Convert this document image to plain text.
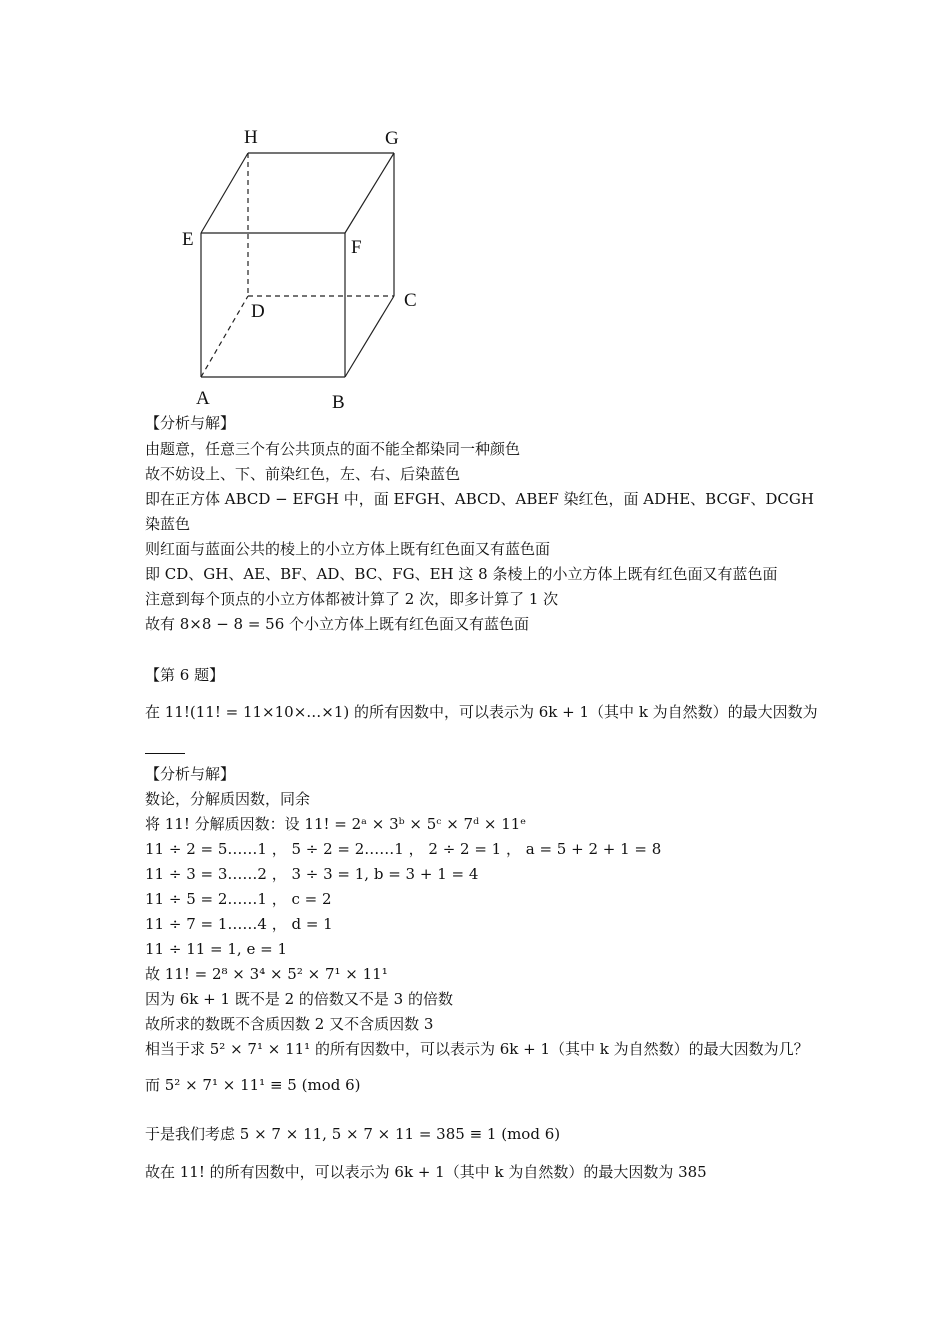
H	G
E	F
C
D
A	B
【分析与解】
由题意，任意三个有公共顶点的面不能全都染同一种颜色
故不妨设上、下、前染红色，左、右、后染蓝色
即在正方体 ABCD − EFGH 中，面 EFGH、ABCD、ABEF 染红色，面 ADHE、BCGF、DCGH
染蓝色
则红面与蓝面公共的棱上的小立方体上既有红色面又有蓝色面
即 CD、GH、AE、BF、AD、BC、FG、EH 这 8 条棱上的小立方体上既有红色面又有蓝色面
注意到每个顶点的小立方体都被计算了 2 次，即多计算了 1 次
故有 8×8 − 8 = 56 个小立方体上既有红色面又有蓝色面
【第 6 题】
在 11!(11! = 11×10×…×1) 的所有因数中，可以表示为 6k + 1（其中 k 为自然数）的最大因数为
【分析与解】
数论，分解质因数，同余
将 11! 分解质因数：设 11! = 2ᵃ × 3ᵇ × 5ᶜ × 7ᵈ × 11ᵉ
11 ÷ 2 = 5……1 ， 5 ÷ 2 = 2……1 ， 2 ÷ 2 = 1 ， a = 5 + 2 + 1 = 8
11 ÷ 3 = 3……2 ， 3 ÷ 3 = 1, b = 3 + 1 = 4
11 ÷ 5 = 2……1 ， c = 2
11 ÷ 7 = 1……4 ， d = 1
11 ÷ 11 = 1, e = 1
故 11! = 2⁸ × 3⁴ × 5² × 7¹ × 11¹
因为 6k + 1 既不是 2 的倍数又不是 3 的倍数
故所求的数既不含质因数 2 又不含质因数 3
相当于求 5² × 7¹ × 11¹ 的所有因数中，可以表示为 6k + 1（其中 k 为自然数）的最大因数为几？
而 5² × 7¹ × 11¹ ≡ 5 (mod 6)
于是我们考虑 5 × 7 × 11, 5 × 7 × 11 = 385 ≡ 1 (mod 6)
故在 11! 的所有因数中，可以表示为 6k + 1（其中 k 为自然数）的最大因数为 385
